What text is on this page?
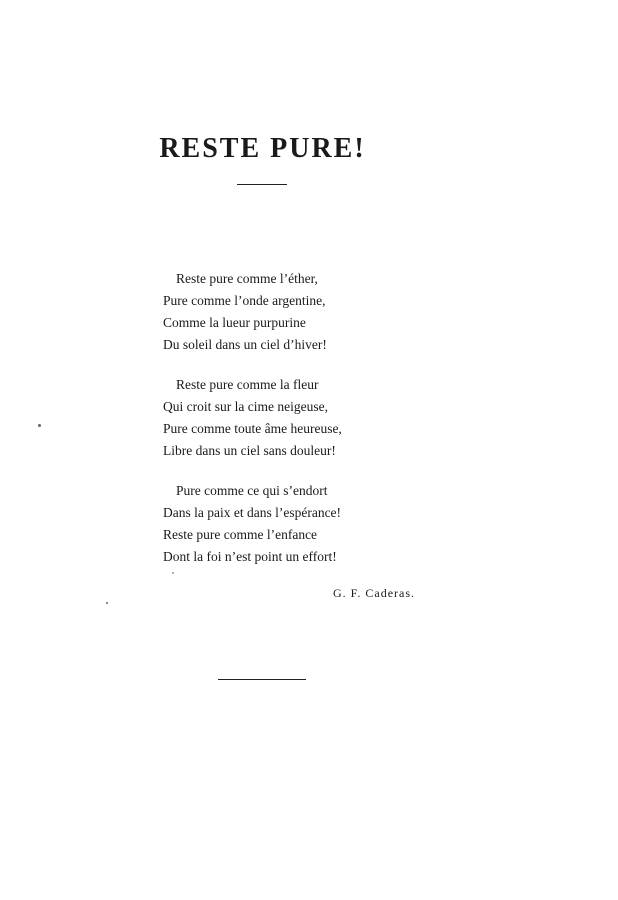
RESTE PURE!
Reste pure comme l’éther,
Pure comme l’onde argentine,
Comme la lueur purpurine
Du soleil dans un ciel d’hiver!
Reste pure comme la fleur
Qui croit sur la cime neigeuse,
Pure comme toute âme heureuse,
Libre dans un ciel sans douleur!
Pure comme ce qui s’endort
Dans la paix et dans l’espérance!
Reste pure comme l’enfance
Dont la foi n’est point un effort!
G. F. Caderas.
